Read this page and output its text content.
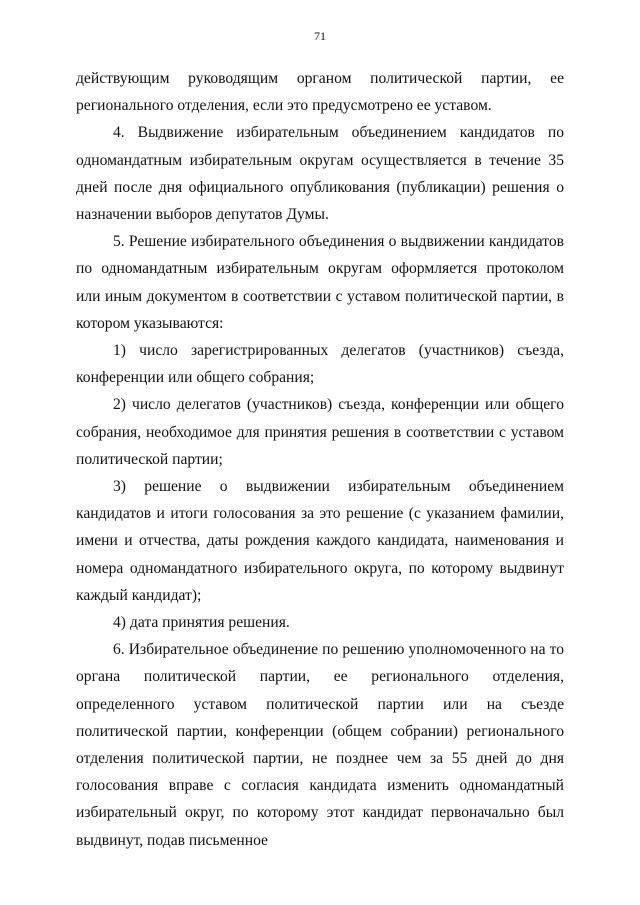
71

действующим руководящим органом политической партии, ее регионального отделения, если это предусмотрено ее уставом.

4. Выдвижение избирательным объединением кандидатов по одномандатным избирательным округам осуществляется в течение 35 дней после дня официального опубликования (публикации) решения о назначении выборов депутатов Думы.

5. Решение избирательного объединения о выдвижении кандидатов по одномандатным избирательным округам оформляется протоколом или иным документом в соответствии с уставом политической партии, в котором указываются:

1) число зарегистрированных делегатов (участников) съезда, конференции или общего собрания;

2) число делегатов (участников) съезда, конференции или общего собрания, необходимое для принятия решения в соответствии с уставом политической партии;

3) решение о выдвижении избирательным объединением кандидатов и итоги голосования за это решение (с указанием фамилии, имени и отчества, даты рождения каждого кандидата, наименования и номера одномандатного избирательного округа, по которому выдвинут каждый кандидат);

4) дата принятия решения.

6. Избирательное объединение по решению уполномоченного на то органа политической партии, ее регионального отделения, определенного уставом политической партии или на съезде политической партии, конференции (общем собрании) регионального отделения политической партии, не позднее чем за 55 дней до дня голосования вправе с согласия кандидата изменить одномандатный избирательный округ, по которому этот кандидат первоначально был выдвинут, подав письменное
